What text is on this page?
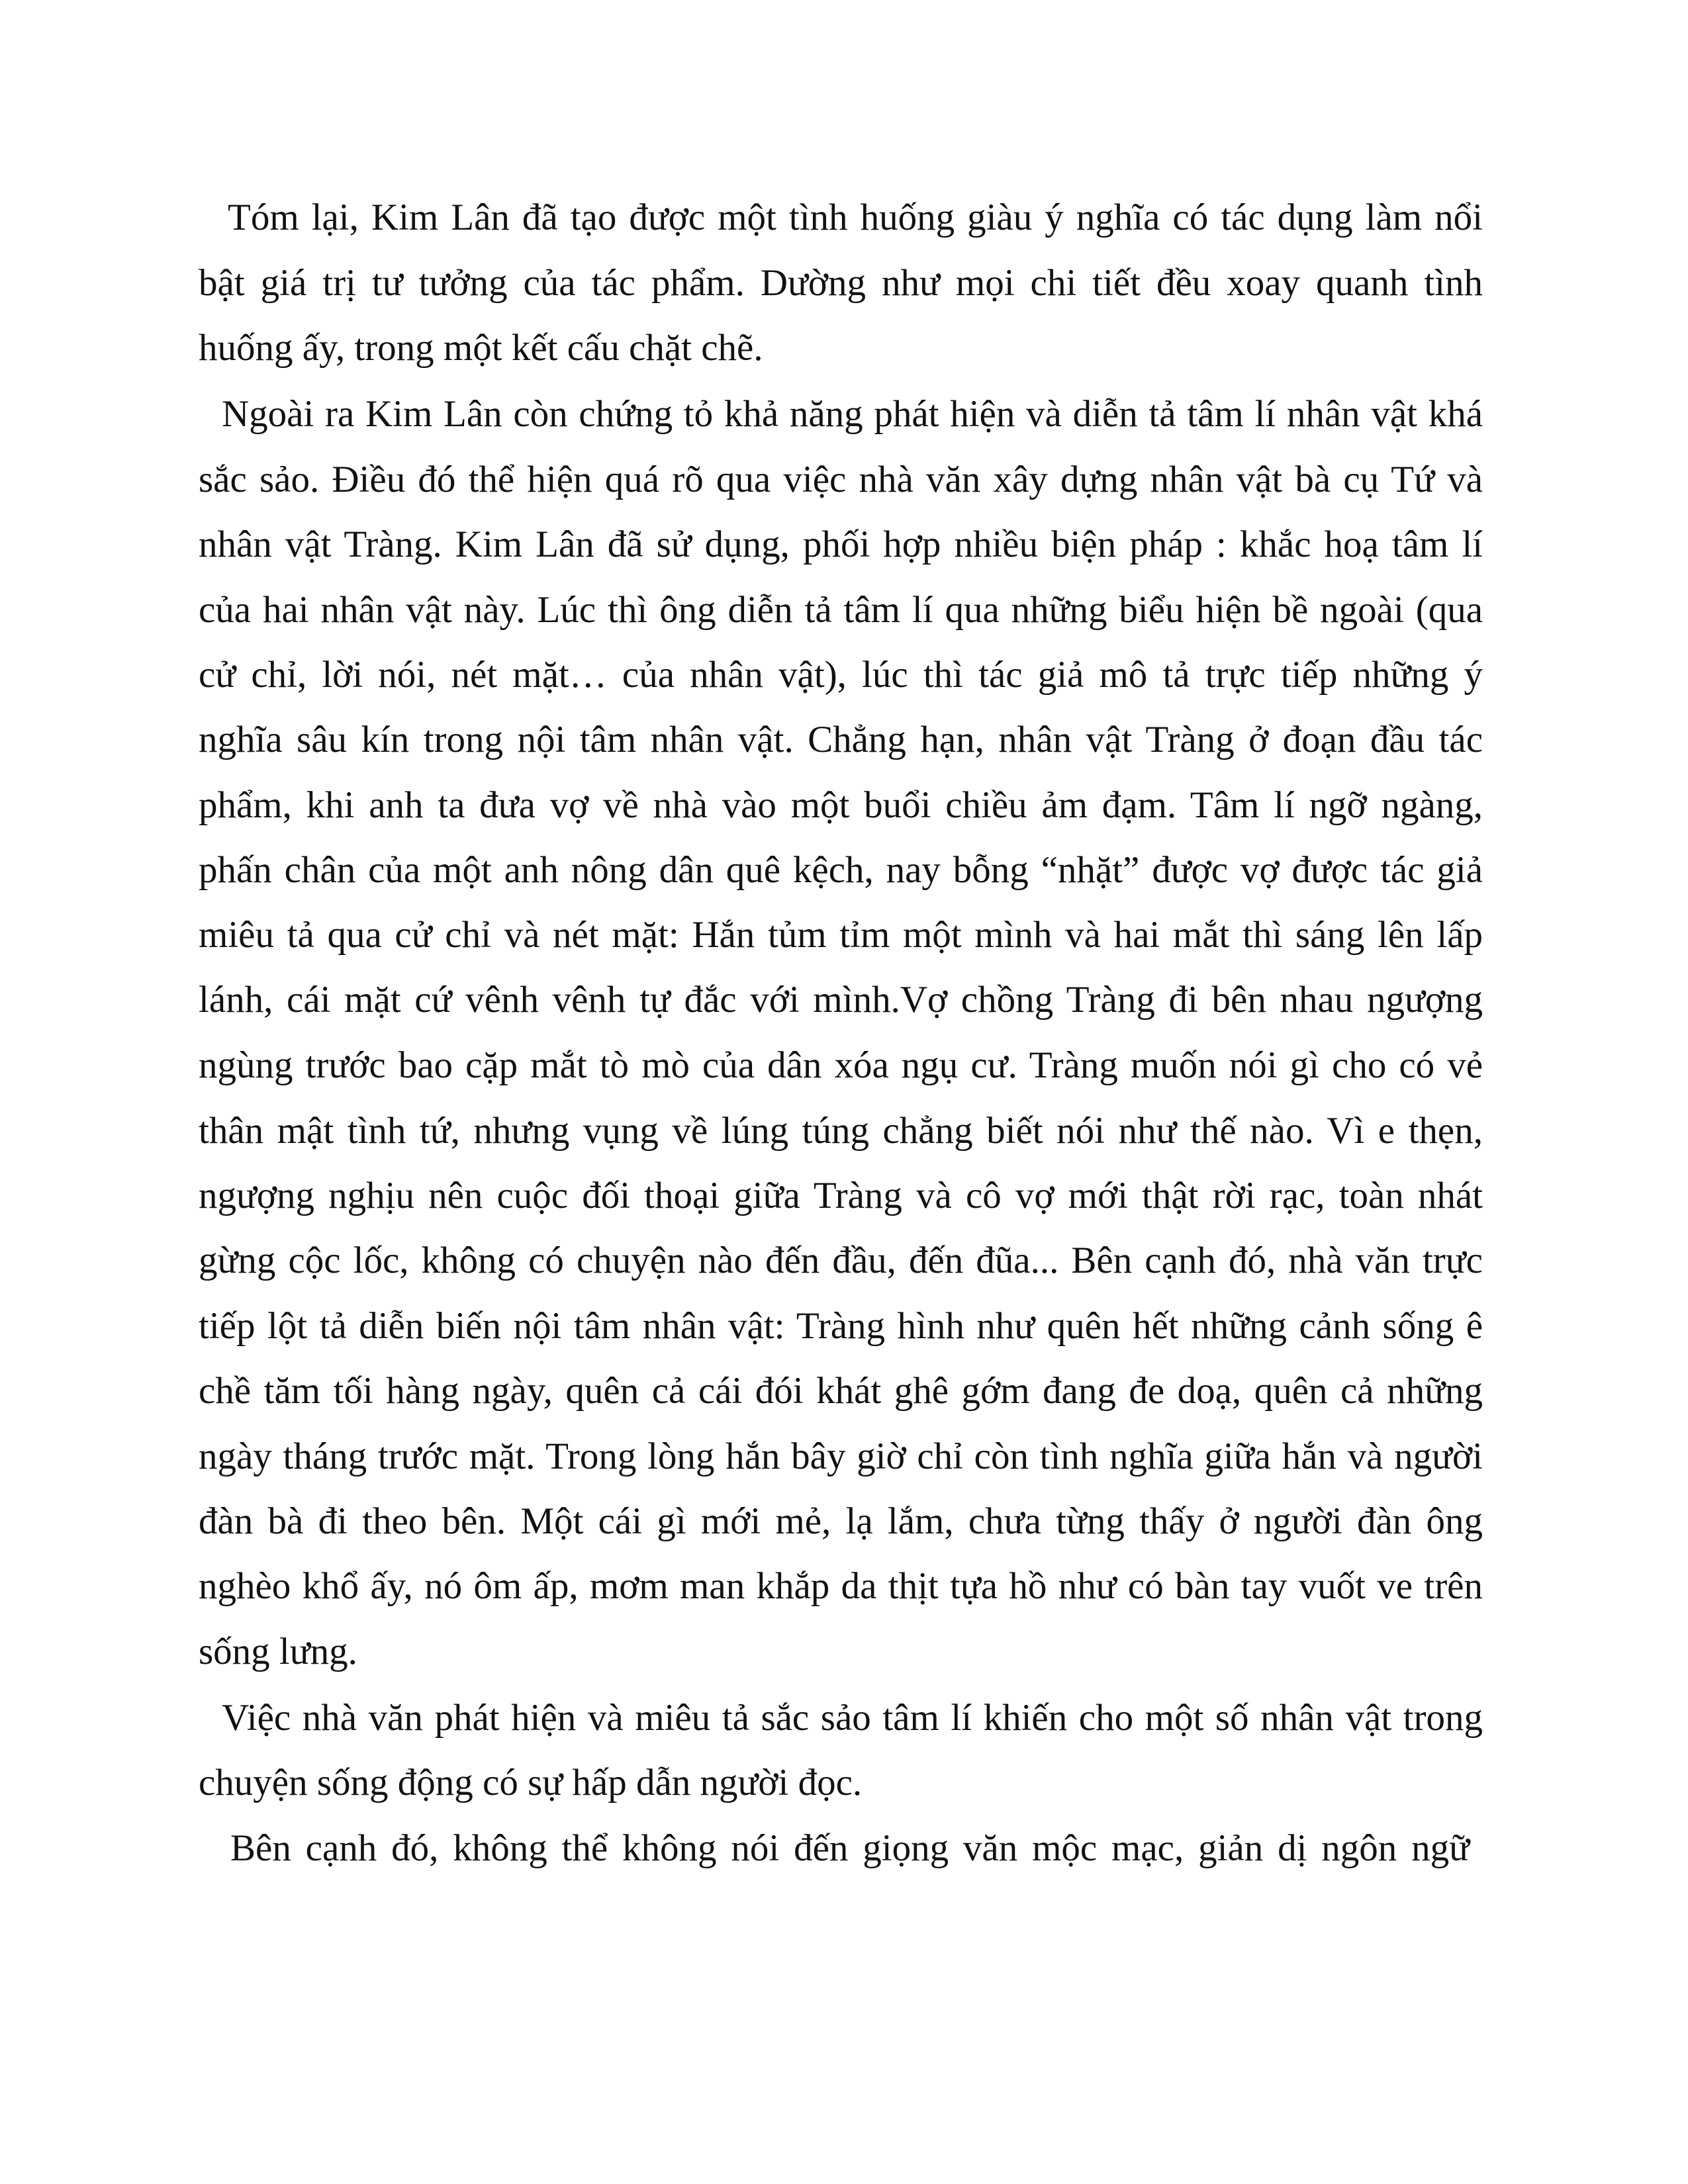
Tóm lại, Kim Lân đã tạo được một tình huống giàu ý nghĩa có tác dụng làm nổi
bật giá trị tư tưởng của tác phẩm. Dường như mọi chi tiết đều xoay quanh tình
huống ấy, trong một kết cấu chặt chẽ.
Ngoài ra Kim Lân còn chứng tỏ khả năng phát hiện và diễn tả tâm lí nhân vật khá
sắc sảo. Điều đó thể hiện quá rõ qua việc nhà văn xây dựng nhân vật bà cụ Tứ và
nhân vật Tràng. Kim Lân đã sử dụng, phối hợp nhiều biện pháp : khắc hoạ tâm lí
của hai nhân vật này. Lúc thì ông diễn tả tâm lí qua những biểu hiện bề ngoài (qua
cử chỉ, lời nói, nét mặt… của nhân vật), lúc thì tác giả mô tả trực tiếp những ý
nghĩa sâu kín trong nội tâm nhân vật. Chẳng hạn, nhân vật Tràng ở đoạn đầu tác
phẩm, khi anh ta đưa vợ về nhà vào một buổi chiều ảm đạm. Tâm lí ngỡ ngàng,
phấn chân của một anh nông dân quê kệch, nay bỗng “nhặt” được vợ được tác giả
miêu tả qua cử chỉ và nét mặt: Hắn tủm tỉm một mình và hai mắt thì sáng lên lấp
lánh, cái mặt cứ vênh vênh tự đắc với mình.Vợ chồng Tràng đi bên nhau ngượng
ngùng trước bao cặp mắt tò mò của dân xóa ngụ cư. Tràng muốn nói gì cho có vẻ
thân mật tình tứ, nhưng vụng về lúng túng chẳng biết nói như thế nào. Vì e thẹn,
ngượng nghịu nên cuộc đối thoại giữa Tràng và cô vợ mới thật rời rạc, toàn nhát
gừng cộc lốc, không có chuyện nào đến đầu, đến đũa... Bên cạnh đó, nhà văn trực
tiếp lột tả diễn biến nội tâm nhân vật: Tràng hình như quên hết những cảnh sống ê
chề tăm tối hàng ngày, quên cả cái đói khát ghê gớm đang đe doạ, quên cả những
ngày tháng trước mặt. Trong lòng hắn bây giờ chỉ còn tình nghĩa giữa hắn và người
đàn bà đi theo bên. Một cái gì mới mẻ, lạ lắm, chưa từng thấy ở người đàn ông
nghèo khổ ấy, nó ôm ấp, mơm man khắp da thịt tựa hồ như có bàn tay vuốt ve trên
sống lưng.
Việc nhà văn phát hiện và miêu tả sắc sảo tâm lí khiến cho một số nhân vật trong
chuyện sống động có sự hấp dẫn người đọc.
Bên cạnh đó, không thể không nói đến giọng văn mộc mạc, giản dị ngôn ngữ
